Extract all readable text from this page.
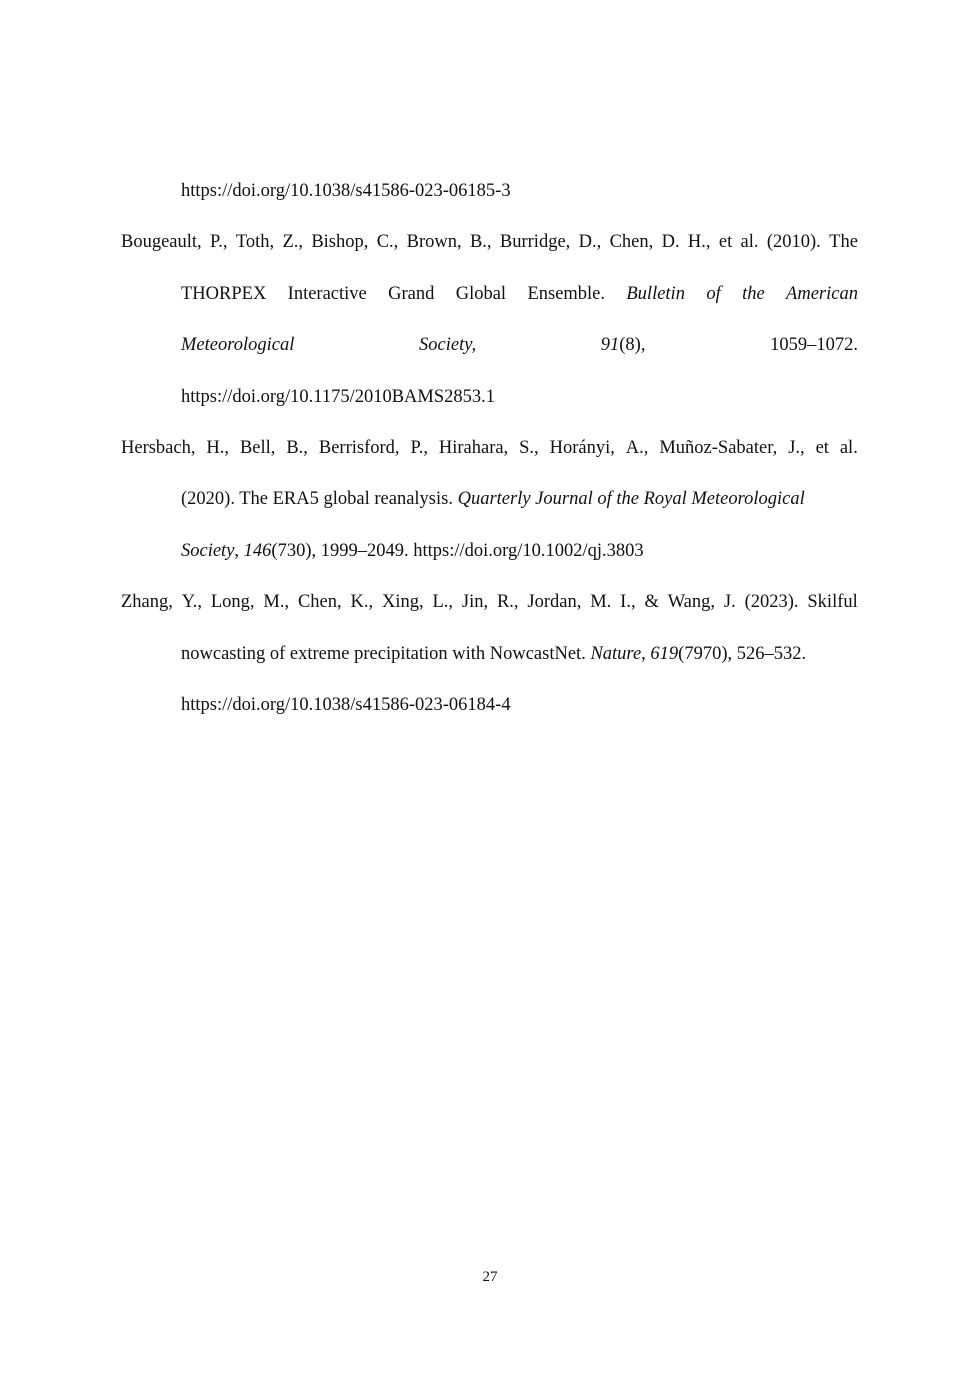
https://doi.org/10.1038/s41586-023-06185-3
Bougeault, P., Toth, Z., Bishop, C., Brown, B., Burridge, D., Chen, D. H., et al. (2010). The
THORPEX Interactive Grand Global Ensemble. Bulletin of the American
Meteorological	Society,	91(8),	1059–1072.
https://doi.org/10.1175/2010BAMS2853.1
Hersbach, H., Bell, B., Berrisford, P., Hirahara, S., Horányi, A., Muñoz-Sabater, J., et al.
(2020). The ERA5 global reanalysis. Quarterly Journal of the Royal Meteorological
Society, 146(730), 1999–2049. https://doi.org/10.1002/qj.3803
Zhang, Y., Long, M., Chen, K., Xing, L., Jin, R., Jordan, M. I., & Wang, J. (2023). Skilful
nowcasting of extreme precipitation with NowcastNet. Nature, 619(7970), 526–532.
https://doi.org/10.1038/s41586-023-06184-4
27
